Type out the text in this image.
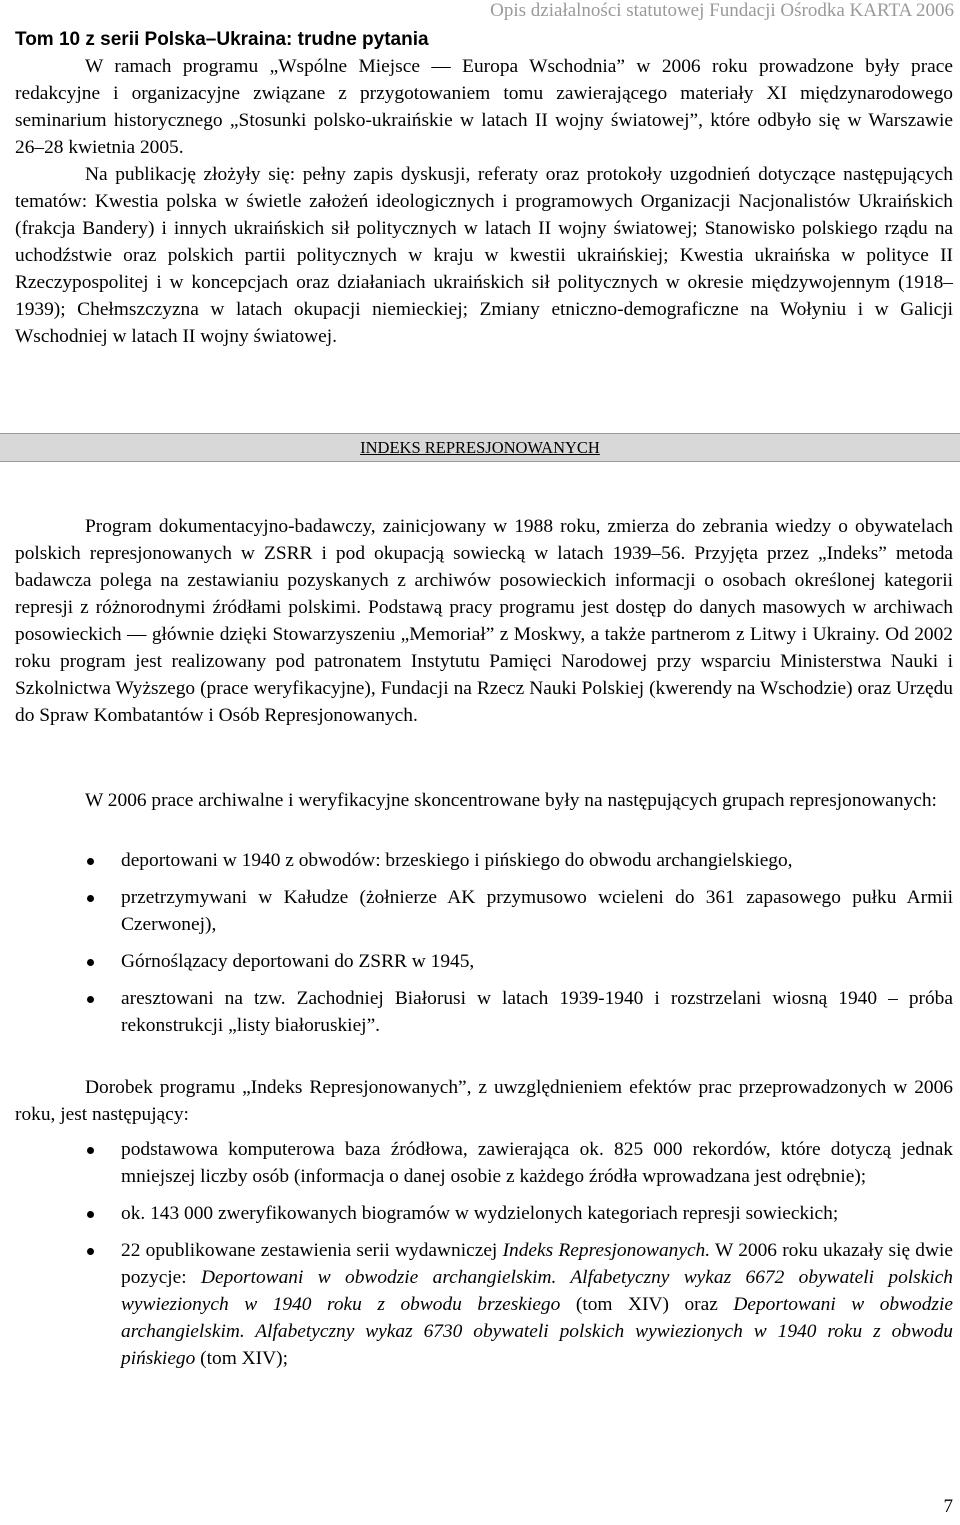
Opis działalności statutowej Fundacji Ośrodka KARTA 2006
Tom 10 z serii Polska–Ukraina: trudne pytania

W ramach programu „Wspólne Miejsce — Europa Wschodnia” w 2006 roku prowadzone były prace redakcyjne i organizacyjne związane z przygotowaniem tomu zawierającego materiały XI międzynarodowego seminarium historycznego „Stosunki polsko-ukraińskie w latach II wojny światowej”, które odbyło się w Warszawie 26–28 kwietnia 2005.

Na publikację złożyły się: pełny zapis dyskusji, referaty oraz protokoły uzgodnień dotyczące następujących tematów: Kwestia polska w świetle założeń ideologicznych i programowych Organizacji Nacjonalistów Ukraińskich (frakcja Bandery) i innych ukraińskich sił politycznych w latach II wojny światowej; Stanowisko polskiego rządu na uchodźstwie oraz polskich partii politycznych w kraju w kwestii ukraińskiej; Kwestia ukraińska w polityce II Rzeczypospolitej i w koncepcjach oraz działaniach ukraińskich sił politycznych w okresie międzywojennym (1918–1939); Chełmszczyzna w latach okupacji niemieckiej; Zmiany etniczno-demograficzne na Wołyniu i w Galicji Wschodniej w latach II wojny światowej.

INDEKS REPRESJONOWANYCH

Program dokumentacyjno-badawczy, zainicjowany w 1988 roku, zmierza do zebrania wiedzy o obywatelach polskich represjonowanych w ZSRR i pod okupacją sowiecką w latach 1939–56. Przyjęta przez „Indeks” metoda badawcza polega na zestawianiu pozyskanych z archiwów posowieckich informacji o osobach określonej kategorii represji z różnorodnymi źródłami polskimi. Podstawą pracy programu jest dostęp do danych masowych w archiwach posowieckich — głównie dzięki Stowarzyszeniu „Memoriał” z Moskwy, a także partnerom z Litwy i Ukrainy. Od 2002 roku program jest realizowany pod patronatem Instytutu Pamięci Narodowej przy wsparciu Ministerstwa Nauki i Szkolnictwa Wyższego (prace weryfikacyjne), Fundacji na Rzecz Nauki Polskiej (kwerendy na Wschodzie) oraz Urzędu do Spraw Kombatantów i Osób Represjonowanych.

W 2006 prace archiwalne i weryfikacyjne skoncentrowane były na następujących grupach represjonowanych:

deportowani w 1940 z obwodów: brzeskiego i pińskiego do obwodu archangielskiego,
przetrzymywani w Kałudze (żołnierze AK przymusowo wcieleni do 361 zapasowego pułku Armii Czerwonej),
Górnoślązacy deportowani do ZSRR w 1945,
aresztowani na tzw. Zachodniej Białorusi w latach 1939-1940 i rozstrzelani wiosną 1940 – próba rekonstrukcji „listy białoruskiej”.

Dorobek programu „Indeks Represjonowanych”, z uwzględnieniem efektów prac przeprowadzonych w 2006 roku, jest następujący:

podstawowa komputerowa baza źródłowa, zawierająca ok. 825 000 rekordów, które dotyczą jednak mniejszej liczby osób (informacja o danej osobie z każdego źródła wprowadzana jest odrębnie);
ok. 143 000 zweryfikowanych biogramów w wydzielonych kategoriach represji sowieckich;
22 opublikowane zestawienia serii wydawniczej Indeks Represjonowanych. W 2006 roku ukazały się dwie pozycje: Deportowani w obwodzie archangielskim. Alfabetyczny wykaz 6672 obywateli polskich wywiezionych w 1940 roku z obwodu brzeskiego (tom XIV) oraz Deportowani w obwodzie archangielskim. Alfabetyczny wykaz 6730 obywateli polskich wywiezionych w 1940 roku z obwodu pińskiego (tom XIV);
7
